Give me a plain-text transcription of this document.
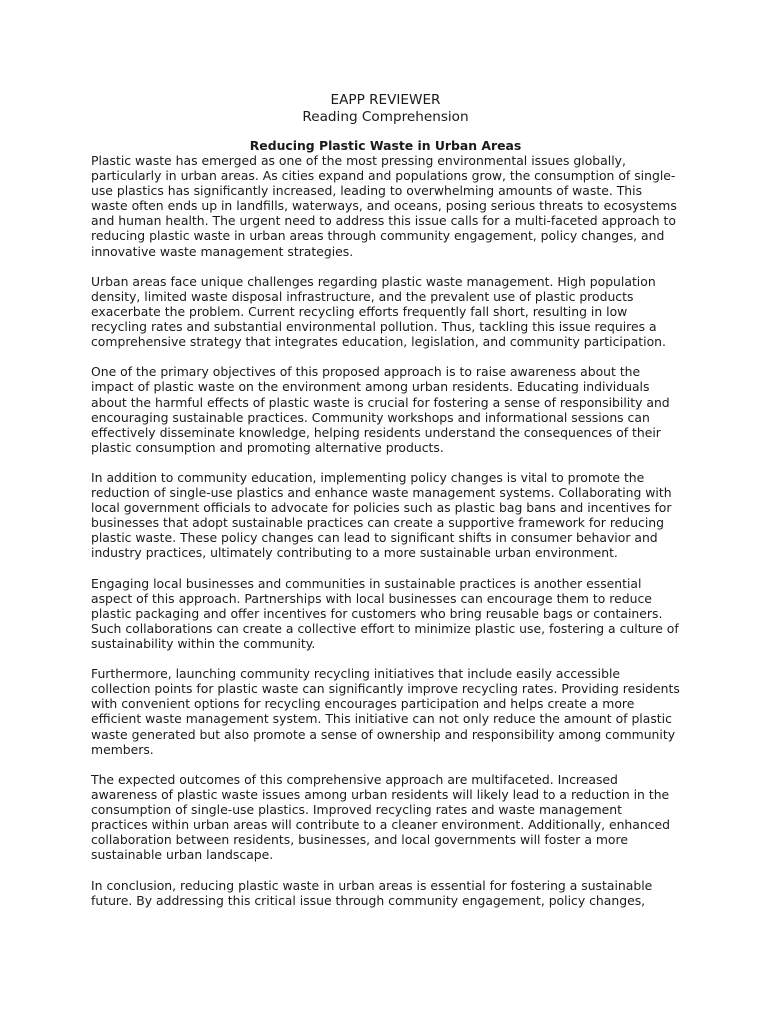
EAPP REVIEWER
Reading Comprehension
Reducing Plastic Waste in Urban Areas

Plastic waste has emerged as one of the most pressing environmental issues globally, particularly in urban areas. As cities expand and populations grow, the consumption of single-use plastics has significantly increased, leading to overwhelming amounts of waste. This waste often ends up in landfills, waterways, and oceans, posing serious threats to ecosystems and human health. The urgent need to address this issue calls for a multi-faceted approach to reducing plastic waste in urban areas through community engagement, policy changes, and innovative waste management strategies.

Urban areas face unique challenges regarding plastic waste management. High population density, limited waste disposal infrastructure, and the prevalent use of plastic products exacerbate the problem. Current recycling efforts frequently fall short, resulting in low recycling rates and substantial environmental pollution. Thus, tackling this issue requires a comprehensive strategy that integrates education, legislation, and community participation.

One of the primary objectives of this proposed approach is to raise awareness about the impact of plastic waste on the environment among urban residents. Educating individuals about the harmful effects of plastic waste is crucial for fostering a sense of responsibility and encouraging sustainable practices. Community workshops and informational sessions can effectively disseminate knowledge, helping residents understand the consequences of their plastic consumption and promoting alternative products.

In addition to community education, implementing policy changes is vital to promote the reduction of single-use plastics and enhance waste management systems. Collaborating with local government officials to advocate for policies such as plastic bag bans and incentives for businesses that adopt sustainable practices can create a supportive framework for reducing plastic waste. These policy changes can lead to significant shifts in consumer behavior and industry practices, ultimately contributing to a more sustainable urban environment.

Engaging local businesses and communities in sustainable practices is another essential aspect of this approach. Partnerships with local businesses can encourage them to reduce plastic packaging and offer incentives for customers who bring reusable bags or containers. Such collaborations can create a collective effort to minimize plastic use, fostering a culture of sustainability within the community.

Furthermore, launching community recycling initiatives that include easily accessible collection points for plastic waste can significantly improve recycling rates. Providing residents with convenient options for recycling encourages participation and helps create a more efficient waste management system. This initiative can not only reduce the amount of plastic waste generated but also promote a sense of ownership and responsibility among community members.

The expected outcomes of this comprehensive approach are multifaceted. Increased awareness of plastic waste issues among urban residents will likely lead to a reduction in the consumption of single-use plastics. Improved recycling rates and waste management practices within urban areas will contribute to a cleaner environment. Additionally, enhanced collaboration between residents, businesses, and local governments will foster a more sustainable urban landscape.

In conclusion, reducing plastic waste in urban areas is essential for fostering a sustainable future. By addressing this critical issue through community engagement, policy changes,
